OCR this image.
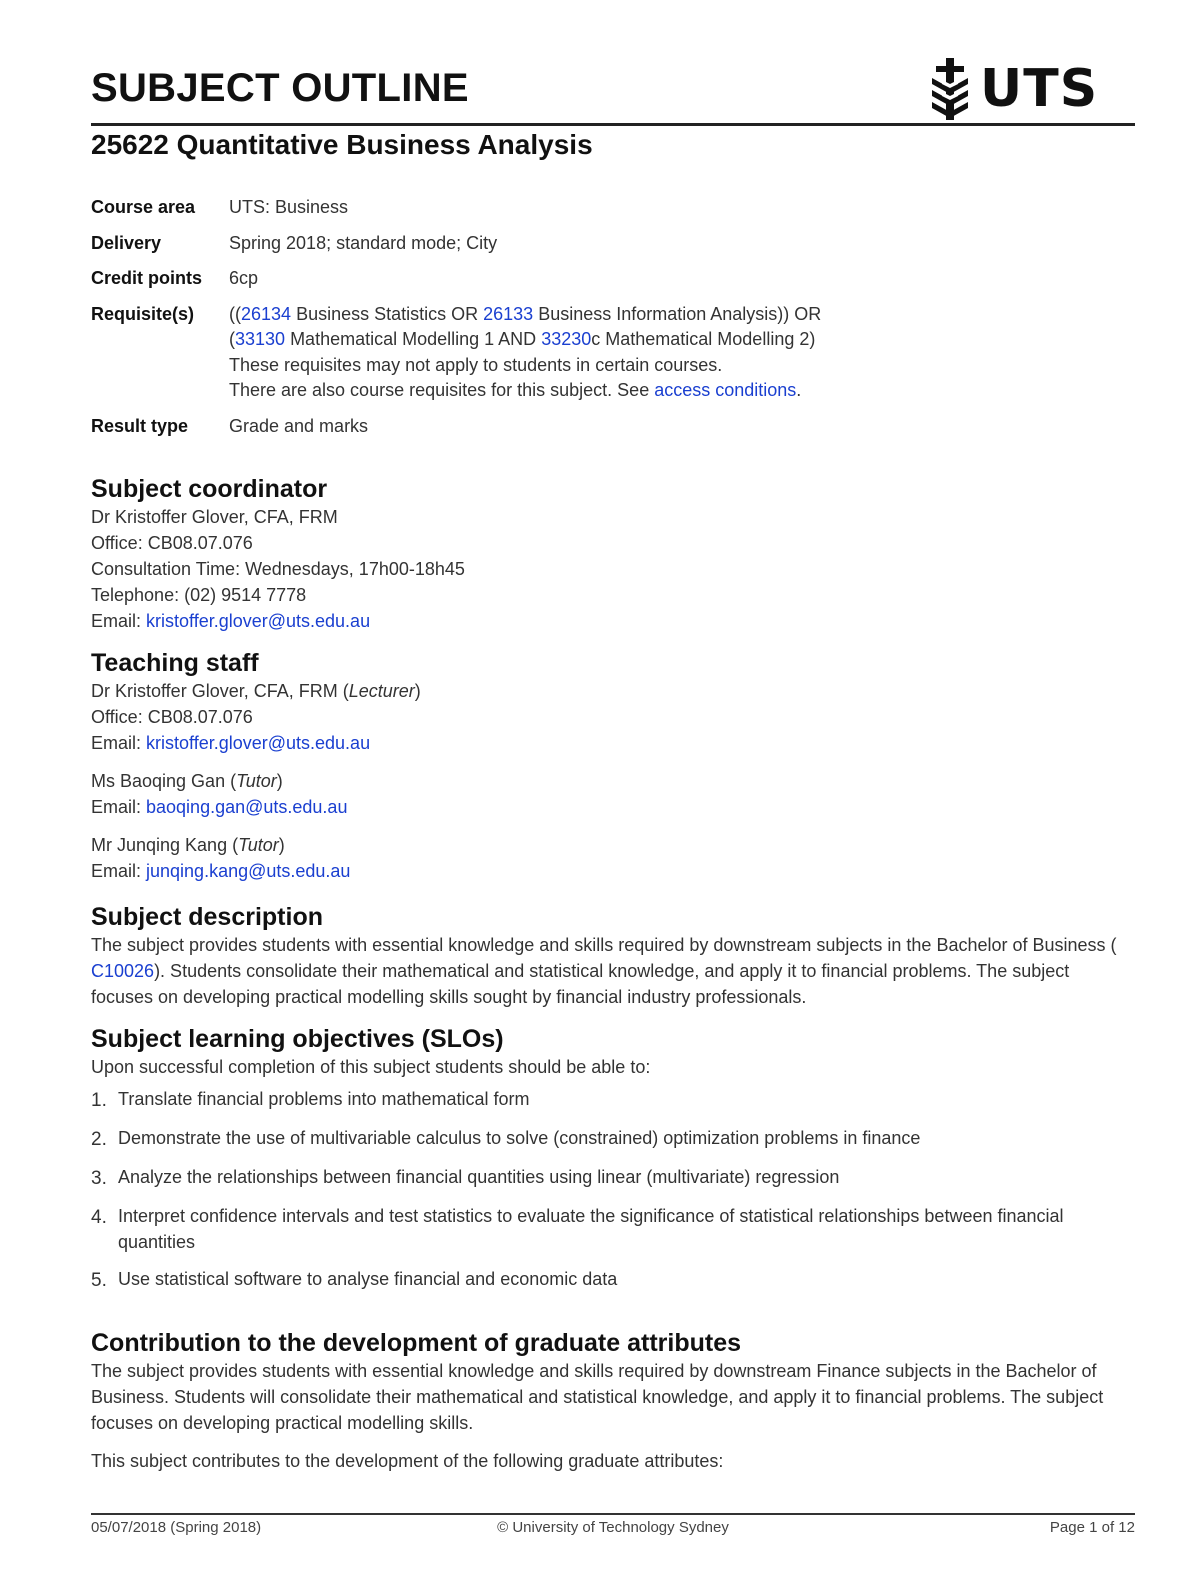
SUBJECT OUTLINE	UTS
25622 Quantitative Business Analysis
Course area	UTS: Business
Delivery	Spring 2018; standard mode; City
Credit points	6cp
Requisite(s)	((26134 Business Statistics OR 26133 Business Information Analysis)) OR
(33130 Mathematical Modelling 1 AND 33230c Mathematical Modelling 2)
These requisites may not apply to students in certain courses.
There are also course requisites for this subject. See access conditions.
Result type	Grade and marks
Subject coordinator
Dr Kristoffer Glover, CFA, FRM
Office: CB08.07.076
Consultation Time: Wednesdays, 17h00-18h45
Telephone: (02) 9514 7778
Email: kristoffer.glover@uts.edu.au
Teaching staff
Dr Kristoffer Glover, CFA, FRM (Lecturer)
Office: CB08.07.076
Email: kristoffer.glover@uts.edu.au
Ms Baoqing Gan (Tutor)
Email: baoqing.gan@uts.edu.au
Mr Junqing Kang (Tutor)
Email: junqing.kang@uts.edu.au
Subject description

The subject provides students with essential knowledge and skills required by downstream subjects in the Bachelor of Business ( C10026). Students consolidate their mathematical and statistical knowledge, and apply it to financial problems. The subject focuses on developing practical modelling skills sought by financial industry professionals.

Subject learning objectives (SLOs)
Upon successful completion of this subject students should be able to:
1. Translate financial problems into mathematical form
2. Demonstrate the use of multivariable calculus to solve (constrained) optimization problems in finance
3. Analyze the relationships between financial quantities using linear (multivariate) regression
4. Interpret confidence intervals and test statistics to evaluate the significance of statistical relationships between financial quantities
5. Use statistical software to analyse financial and economic data
Contribution to the development of graduate attributes

The subject provides students with essential knowledge and skills required by downstream Finance subjects in the Bachelor of Business. Students will consolidate their mathematical and statistical knowledge, and apply it to financial problems. The subject focuses on developing practical modelling skills.

This subject contributes to the development of the following graduate attributes:

05/07/2018 (Spring 2018)	© University of Technology Sydney	Page 1 of 12
